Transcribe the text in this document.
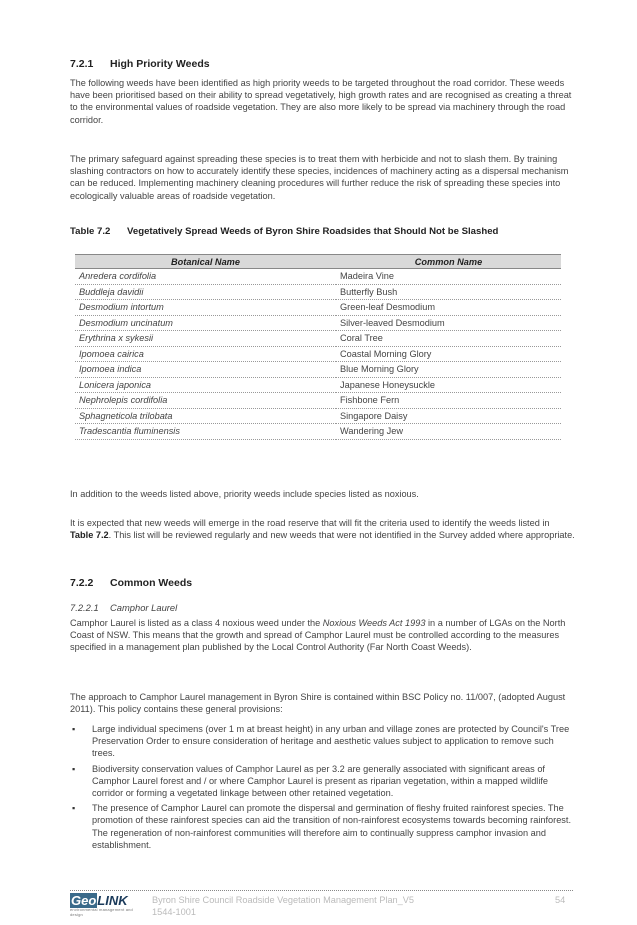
7.2.1 High Priority Weeds

The following weeds have been identified as high priority weeds to be targeted throughout the road corridor. These weeds have been prioritised based on their ability to spread vegetatively, high growth rates and are recognised as creating a threat to the environmental values of roadside vegetation. They are also more likely to be spread via machinery through the road corridor.

The primary safeguard against spreading these species is to treat them with herbicide and not to slash them. By training slashing contractors on how to accurately identify these species, incidences of machinery acting as a dispersal mechanism can be reduced. Implementing machinery cleaning procedures will further reduce the risk of spreading these species into ecologically valuable areas of roadside vegetation.

Table 7.2 Vegetatively Spread Weeds of Byron Shire Roadsides that Should Not be Slashed
Botanical Name	Common Name
Anredera cordifolia	Madeira Vine
Buddleja davidii	Butterfly Bush
Desmodium intortum	Green-leaf Desmodium
Desmodium uncinatum	Silver-leaved Desmodium
Erythrina x sykesii	Coral Tree
Ipomoea cairica	Coastal Morning Glory
Ipomoea indica	Blue Morning Glory
Lonicera japonica	Japanese Honeysuckle
Nephrolepis cordifolia	Fishbone Fern
Sphagneticola trilobata	Singapore Daisy
Tradescantia fluminensis	Wandering Jew

In addition to the weeds listed above, priority weeds include species listed as noxious.

It is expected that new weeds will emerge in the road reserve that will fit the criteria used to identify the weeds listed in Table 7.2. This list will be reviewed regularly and new weeds that were not identified in the Survey added where appropriate.

7.2.2 Common Weeds
7.2.2.1 Camphor Laurel

Camphor Laurel is listed as a class 4 noxious weed under the Noxious Weeds Act 1993 in a number of LGAs on the North Coast of NSW. This means that the growth and spread of Camphor Laurel must be controlled according to the measures specified in a management plan published by the Local Control Authority (Far North Coast Weeds).

The approach to Camphor Laurel management in Byron Shire is contained within BSC Policy no. 11/007, (adopted August 2011). This policy contains these general provisions:

▪ Large individual specimens (over 1 m at breast height) in any urban and village zones are protected by Council's Tree Preservation Order to ensure consideration of heritage and aesthetic values subject to application to remove such trees.
▪ Biodiversity conservation values of Camphor Laurel as per 3.2 are generally associated with significant areas of Camphor Laurel forest and / or where Camphor Laurel is present as riparian vegetation, within a mapped wildlife corridor or forming a vegetated linkage between other retained vegetation.
▪ The presence of Camphor Laurel can promote the dispersal and germination of fleshy fruited rainforest species. The promotion of these rainforest species can aid the transition of non-rainforest ecosystems towards becoming rainforest. The regeneration of non-rainforest communities will therefore aim to continually suppress camphor invasion and establishment.
GeoLINK
environmental management and design
Byron Shire Council Roadside Vegetation Management Plan_V5
1544-1001
54
